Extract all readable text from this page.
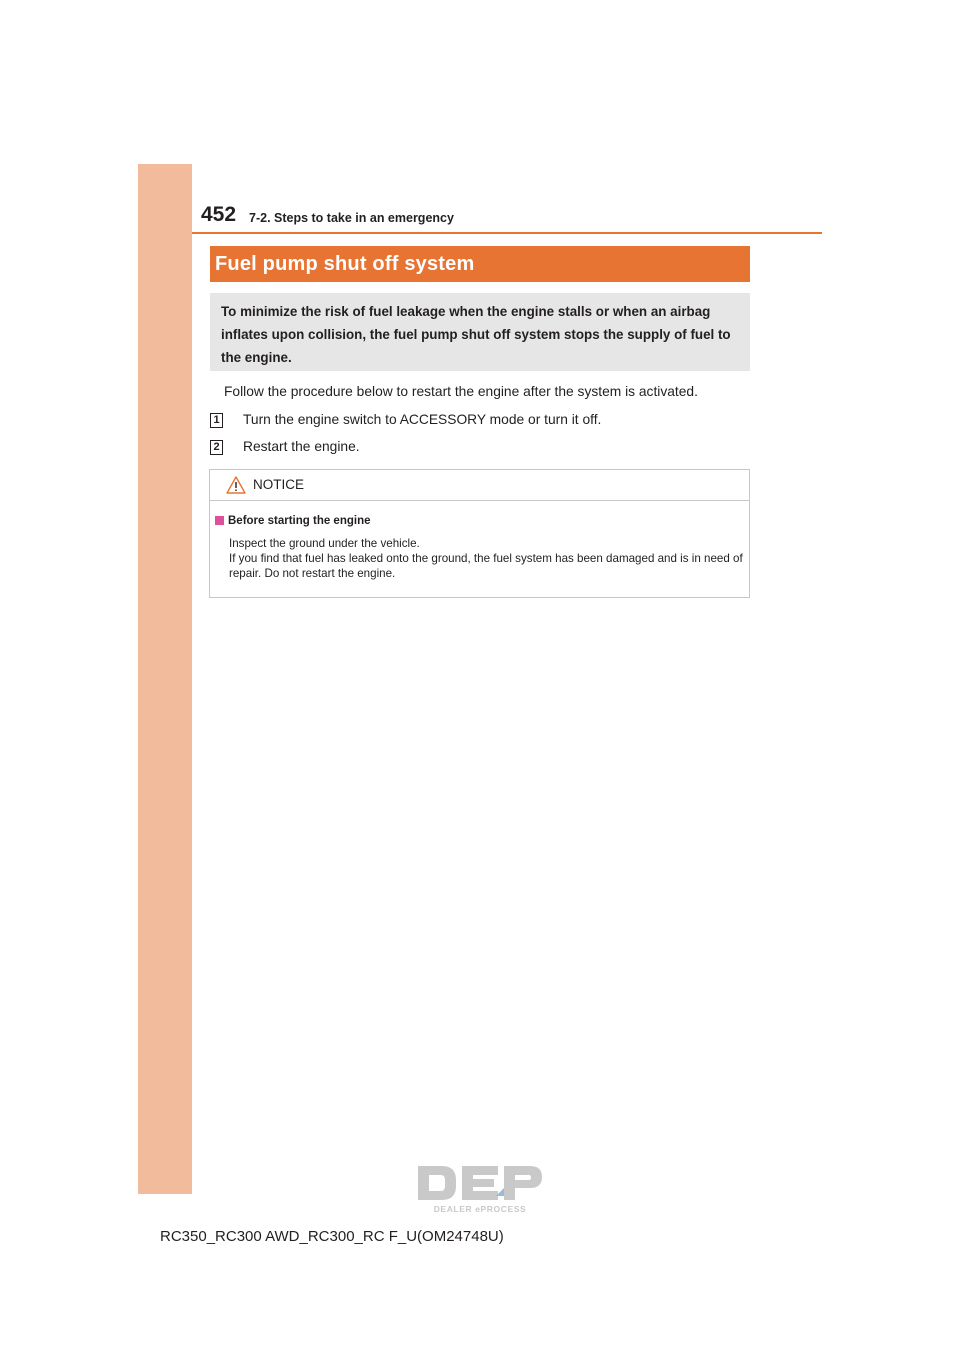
452 7-2. Steps to take in an emergency
Fuel pump shut off system

To minimize the risk of fuel leakage when the engine stalls or when an airbag inflates upon collision, the fuel pump shut off system stops the supply of fuel to the engine.

Follow the procedure below to restart the engine after the system is activated.
1 Turn the engine switch to ACCESSORY mode or turn it off.
2 Restart the engine.
NOTICE
Before starting the engine

Inspect the ground under the vehicle.

If you find that fuel has leaked onto the ground, the fuel system has been damaged and is in need of repair. Do not restart the engine.

DEALER ePROCESS
RC350_RC300 AWD_RC300_RC F_U(OM24748U)
